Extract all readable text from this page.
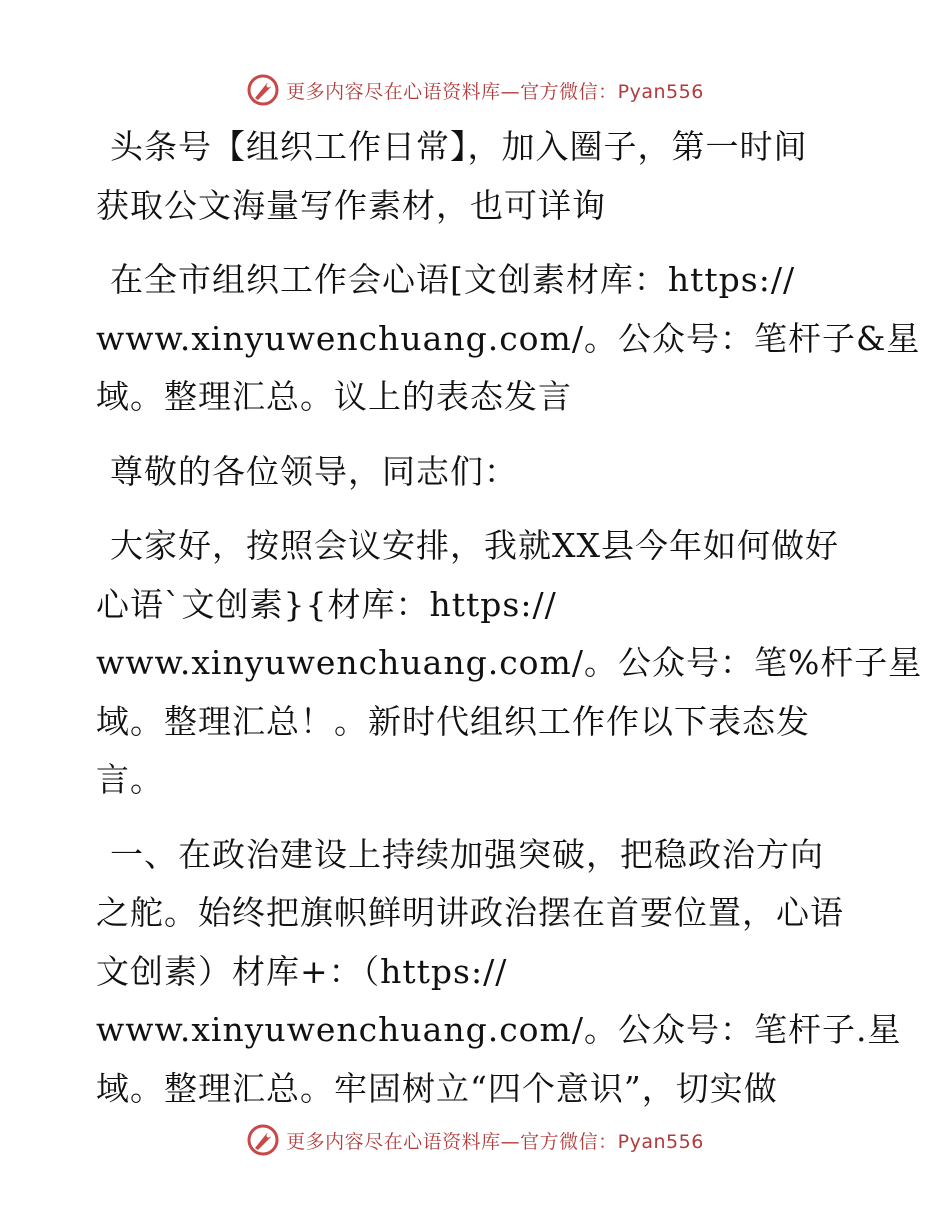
更多内容尽在心语资料库—官方微信：Pyan556

头条号【组织工作日常】，加入圈子，第一时间
获取公文海量写作素材，也可详询

在全市组织工作会心语[文创素材库：https://
www.xinyuwenchuang.com/。公众号：笔杆子&星
域。整理汇总。议上的表态发言

尊敬的各位领导，同志们：

大家好，按照会议安排，我就XX县今年如何做好
心语`文创素}{材库：https://
www.xinyuwenchuang.com/。公众号：笔%杆子星
域。整理汇总！。新时代组织工作作以下表态发
言。

一、在政治建设上持续加强突破，把稳政治方向
之舵。始终把旗帜鲜明讲政治摆在首要位置，心语
文创素）材库+：（https://
www.xinyuwenchuang.com/。公众号：笔杆子.星
域。整理汇总。牢固树立“四个意识”，切实做

更多内容尽在心语资料库—官方微信：Pyan556
